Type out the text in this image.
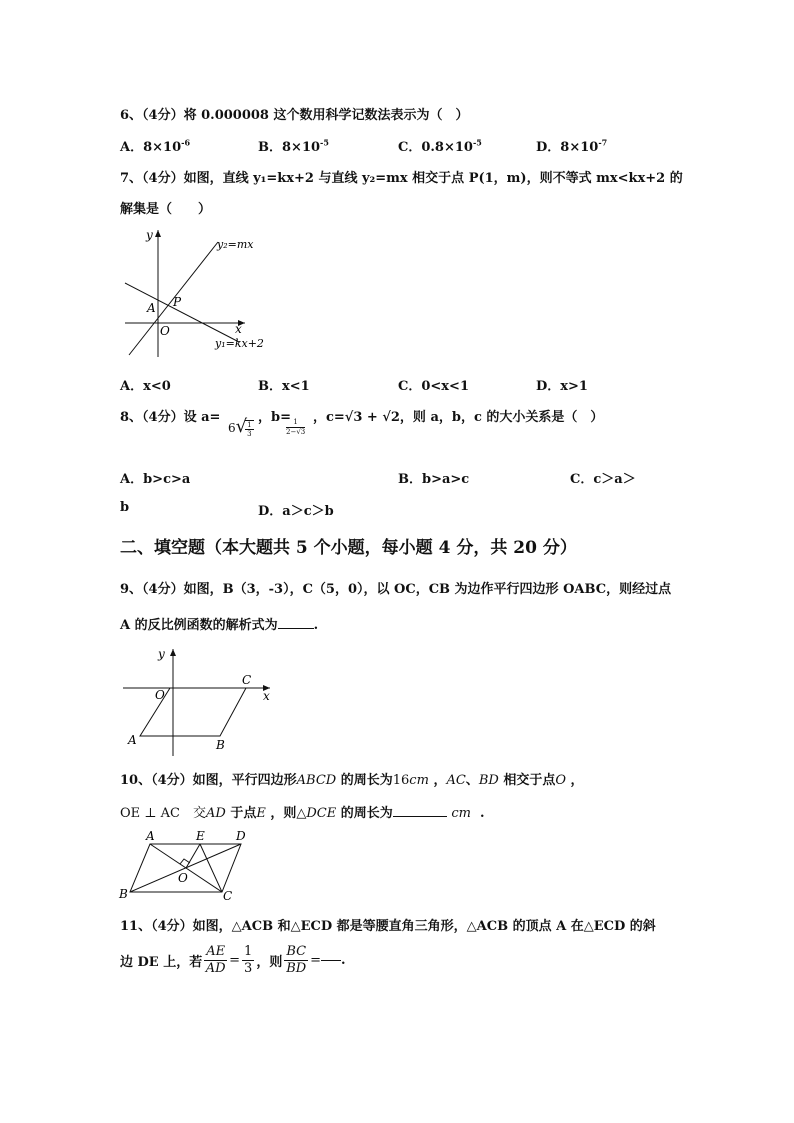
6、（4分）将 0.000008 这个数用科学记数法表示为（　）
A．$8\times 10^{-6}$	B．$8\times 10^{-5}$	C．$0.8\times 10^{-5}$	D．$8\times 10^{-7}$
7、（4分）如图，直线 y₁=kx+2 与直线 y₂=mx 相交于点 P(1，m)，则不等式 mx<kx+2 的
解集是（　　）
y
x
A P
O
y₂=mx
y₁=kx+2
A．x<0	B．x<1	C．0<x<1	D．x>1
8、（4分）设 a=
6√
$\frac{1}{3}$
，b=
$\frac{1}{2-√3}$
，c=√3 + √2，则 a，b，c 的大小关系是（　）
A．b>c>a	B．b>a>c	C．c＞a＞
b	D．a＞c＞b
二、填空题（本大题共 5 个小题，每小题 4 分，共 20 分）
9、（4分）如图，B（3，-3），C（5，0），以 OC，CB 为边作平行四边形 OABC，则经过点
A 的反比例函数的解析式为	.
y
x
O
C
A	B
10、（4分）如图，平行四边形ABCD 的周长为16cm ，AC、BD 相交于点O ，
OE ⊥ AC　交AD 于点E ，则△DCE 的周长为	cm .
A	E	D
O
B	C
11、（4分）如图，△ACB 和△ECD 都是等腰直角三角形，△ACB 的顶点 A 在△ECD 的斜
边 DE 上，若 $\frac{AE}{AD} = \frac{1}{3}$ ，则 $\frac{BC}{BD}$ = .
